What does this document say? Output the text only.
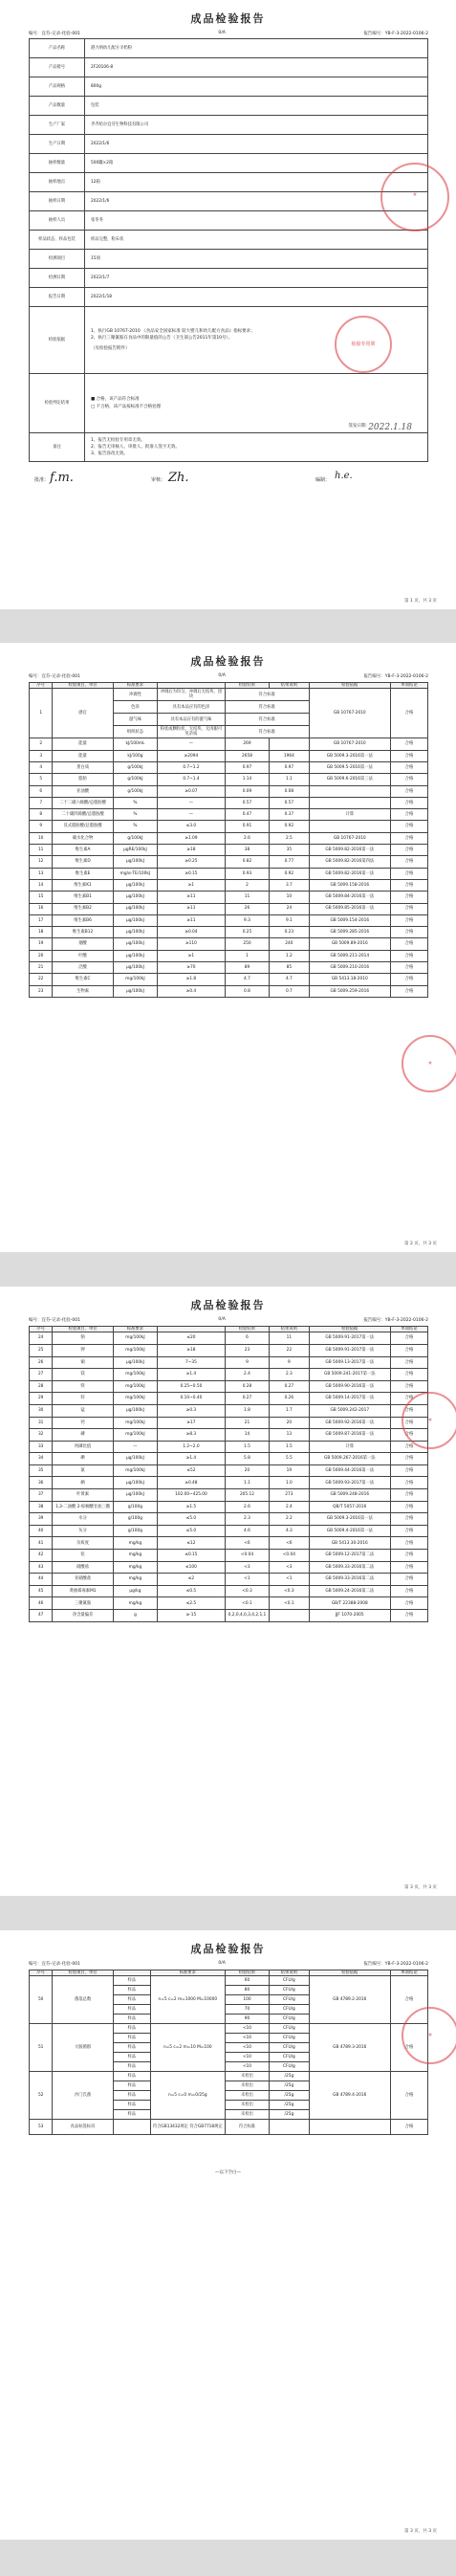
成品检验报告
编号：宜芬-记录-化验-001	0/A	报告编号：YB-F-3-2022-0106-2
产品名称	港力纳幼儿配方羊奶粉
产品批号	2F20106-8
产品规格	800g
产品数量	包装
生产厂家	齐齐哈尔宜芬生物科技有限公司
生产日期	2022/1/6
抽样数量	500罐×2箱
抽样地点	12箱
抽样日期	2022/1/6
抽样人员	张冬冬
样品状态、样品包装	样品完整，粉末状
检测项目	15项
检测日期	2022/1/7
报告日期	2022/1/18
检验依据	1、执行GB 10767-2010 《食品安全国家标准 较大婴儿和幼儿配方食品》指标要求；
2、执行三聚氰胺在食品中的限量值的公告（卫生部公告2011年第10号）。
（见检验报告附件）

检验判定结果	■ 合格，该产品符合标准
□ 不合格，该产品按标准不合格处理
签发日期：
2022.1.18

备注	1、报告无检验专用章无效。
2、报告无审核人、审批人、批准人签字无效。
3、报告涂改无效。
批准： f.m.	审核： Zh.	编制： h.e.
★
检验专用章
第 1 页，共 3 页
成品检验报告
编号：宜芬-记录-化验-001	0/A	报告编号：YB-F-3-2022-0106-2
序号	检验项目、单位	标准要求		检验结果	结果说明	检验依据	单项结论
1	感官	冲调性	冲调后为均匀、冲调后无结块、团块	符合标准		GB 10767-2010	合格
		色泽	具有本品应有的色泽	符合标准			
		滋气味	具有本品应有的滋气味	符合标准			
		组织状态	粉状或颗粒状，无结块、无肉眼可见杂质	符合标准			
2	能量	kJ/100mL	—	269		GB 10767-2010	合格
3	能量	kJ/100g	≥2094	2658	1964	GB 5009.3-2016第一法	合格
4	蛋白质	g/100kJ	0.7~1.2	0.97	0.97	GB 5009.5-2016第一法	合格
5	脂肪	g/100kJ	0.7~1.4	1.14	1.1	GB 5009.6-2016第三法	合格
6	亚油酸	g/100kJ	≥0.07	0.09	0.08		合格
7	二十二碳六烯酸/总脂肪酸	%	—	0.57	0.57		合格
8	二十碳四烯酸/总脂肪酸	%	—	0.47	0.37	计算	合格
9	反式脂肪酸/总脂肪酸	%	≤3.0	0.91	0.92		合格
10	碳水化合物	g/100kJ	≥1.09	2.6	2.5	GB 10767-2010	合格
11	维生素A	μgRE/100kJ	≥18	38	35	GB 5009.82-2016第一法	合格
12	维生素D	μg/100kJ	≥0.25	0.82	0.77	GB 5009.82-2016第四法	合格
13	维生素E	mg/α-TE/100kJ	≥0.15	0.93	0.92	GB 5009.82-2016第一法	合格
14	维生素K1	μg/100kJ	≥1	2	3.7	GB 5009.158-2016	合格
15	维生素B1	μg/100kJ	≥11	11	10	GB 5009.84-2016第一法	合格
16	维生素B2	μg/100kJ	≥11	26	24	GB 5009.85-2016第一法	合格
17	维生素B6	μg/100kJ	≥11	9.3	9.1	GB 5009.154-2016	合格
18	维生素B12	μg/100kJ	≥0.04	0.25	0.23	GB 5009.285-2016	合格
19	烟酸	μg/100kJ	≥110	250	240	GB 5009.89-2016	合格
20	叶酸	μg/100kJ	≥1	1	1.2	GB 5009.211-2014	合格
21	泛酸	μg/100kJ	≥70	89	85	GB 5009.210-2016	合格
22	维生素C	mg/100kJ	≥1.8	4.7	4.7	GB 5413.18-2010	合格
23	生物素	μg/100kJ	≥0.4	0.8	0.7	GB 5009.259-2016	合格
★
第 2 页，共 3 页
成品检验报告
编号：宜芬-记录-化验-001	0/A	报告编号：YB-F-3-2022-0106-2
序号	检验项目、单位	标准要求		检验结果	结果说明	检验依据	单项结论
24	钠	mg/100kJ	≤20	6	11	GB 5009.91-2017第一法	合格
25	钾	mg/100kJ	≥18	23	22	GB 5009.91-2017第一法	合格
26	铜	μg/100kJ	7~35	9	9	GB 5009.13-2017第一法	合格
27	镁	mg/100kJ	≥1.4	2.4	2.3	GB 5009.241-2017第一法	合格
28	铁	mg/100kJ	0.25~0.50	0.28	0.27	GB 5009.90-2016第一法	合格
29	锌	mg/100kJ	0.10~0.40	0.27	0.26	GB 5009.14-2017第一法	合格
30	锰	μg/100kJ	≥0.3	1.8	1.7	GB 5009.242-2017	合格
31	钙	mg/100kJ	≥17	21	20	GB 5009.92-2016第一法	合格
32	磷	mg/100kJ	≥8.3	14	13	GB 5009.87-2016第一法	合格
33	钙磷比值	—	1.2~2.0	1.5	1.5	计算	合格
34	碘	μg/100kJ	≥1.4	5.8	5.5	GB 5009.267-2016第一法	合格
35	氯	mg/100kJ	≤52	20	19	GB 5009.44-2016第一法	合格
36	硒	μg/100kJ	≥0.48	1.1	1.0	GB 5009.93-2017第一法	合格
37	叶黄素	μg/100kJ	102.00~425.00	205.12	273	GB 5009.248-2016	合格
38	1,3-二油酸 2-棕榈酸甘油三酯	g/100g	≥1.5	2.6	2.4	QB/T 5057-2016	合格
39	水分	g/100g	≤5.0	2.3	2.2	GB 5009.3-2016第一法	合格
40	灰分	g/100g	≤5.0	4.6	4.3	GB 5009.4-2016第一法	合格
41	杂质度	mg/kg	≤12	<6	<6	GB 5413.30-2016	合格
42	铅	mg/kg	≤0.15	<0.04	<0.04	GB 5009.12-2017第二法	合格
43	硝酸盐	mg/kg	≤100	<3	<3	GB 5009.33-2016第二法	合格
44	亚硝酸盐	mg/kg	≤2	<1	<1	GB 5009.33-2016第二法	合格
45	黄曲霉毒素M1	μg/kg	≤0.5	<0.3	<0.3	GB 5009.24-2016第二法	合格
46	三聚氰胺	mg/kg	≤2.5	<0.1	<0.1	GB/T 22388-2008	合格
47	净含量偏差	g	≥-15	0,2,0,4,0,3,4,2,1,1		JJF 1070-2005	合格
★
第 3 页，共 3 页
成品检验报告
编号：宜芬-记录-化验-001	0/A	报告编号：YB-F-3-2022-0106-2
序号	检验项目、单位		标准要求	检验结果	结果说明	检验依据	单项结论
50	菌落总数	样品	n=5 c=2 m=1000 M=10000	60	CFU/g	GB 4789.2-2016	合格
		样品		80	CFU/g		
		样品		100	CFU/g		
		样品		70	CFU/g		
		样品		90	CFU/g		
51	大肠菌群	样品	n=5 c=2 m=10 M=100	<10	CFU/g	GB 4789.3-2016	合格
		样品		<10	CFU/g		
		样品		<10	CFU/g		
		样品		<10	CFU/g		
		样品		<10	CFU/g		
52	沙门氏菌	样品	n=5 c=0 m=0/25g	未检出	/25g	GB 4789.4-2016	合格
		样品		未检出	/25g		
		样品		未检出	/25g		
		样品		未检出	/25g		
		样品		未检出	/25g		
53	食品标签标识		符合GB13432规定 符合GB7718规定	符合标准			合格
—以下空白—
★
第 3 页，共 3 页
